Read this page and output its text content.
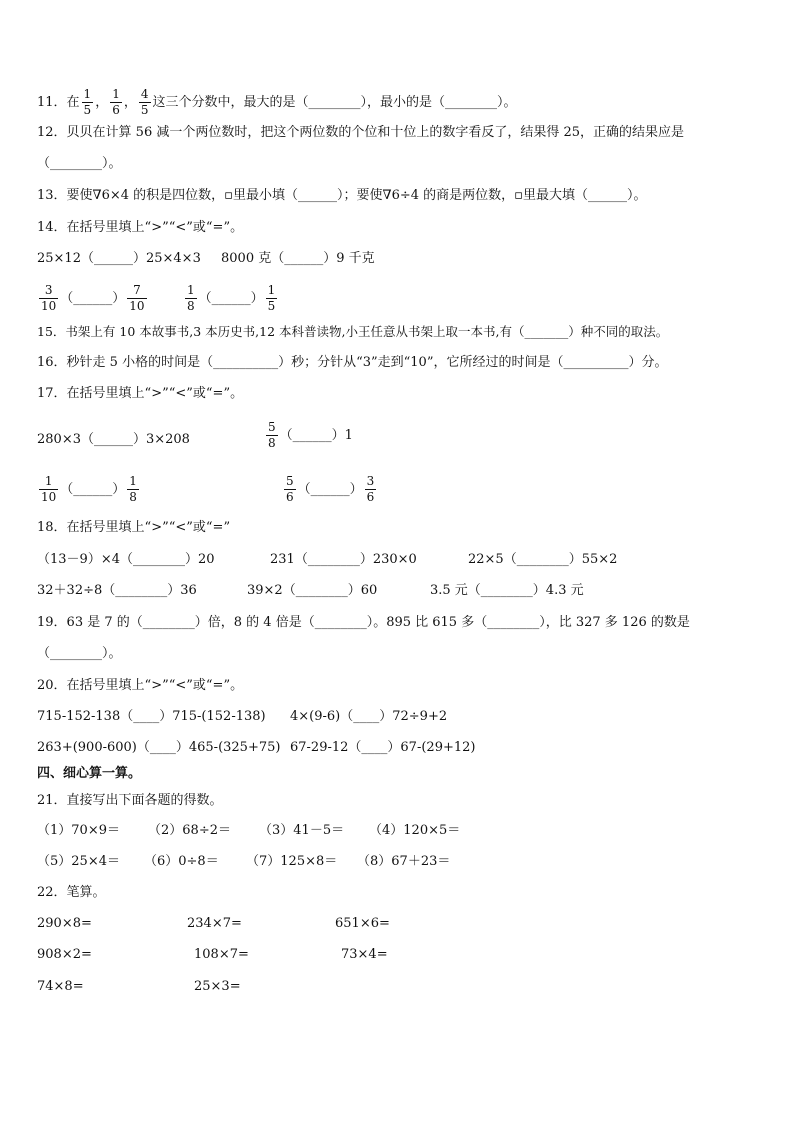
11．在 $\frac{1}{5}$ ， $\frac{1}{6}$ ， $\frac{4}{5}$ 这三个分数中，最大的是（________），最小的是（________）。
12．贝贝在计算 56 减一个两位数时，把这个两位数的个位和十位上的数字看反了，结果得 25，正确的结果应是
（________）。
13．要使∇6×4 的积是四位数，▫里最小填（______）；要使∇6÷4 的商是两位数，▫里最大填（______）。
14．在括号里填上“>”“<”或“=”。
25×12（______）25×4×3 8000 克（______）9 千克
$\frac{3}{10}$ （______） $\frac{7}{10}$	$\frac{1}{8}$ （______） $\frac{1}{5}$
15．书架上有 10 本故事书,3 本历史书,12 本科普读物,小王任意从书架上取一本书,有（_______）种不同的取法。
16．秒针走 5 小格的时间是（__________）秒；分针从“3”走到“10”，它所经过的时间是（__________）分。
17．在括号里填上“>”“<”或“=”。
280×3（______）3×208	$\frac{5}{8}$ （______）1
$\frac{1}{10}$ （______） $\frac{1}{8}$	$\frac{5}{6}$ （______） $\frac{3}{6}$
18．在括号里填上“>”“<”或“=”
（13－9）×4（________）20	231（________）230×0	22×5（________）55×2
32＋32÷8（________）36	39×2（________）60	3.5 元（________）4.3 元
19．63 是 7 的（________）倍，8 的 4 倍是（________）。895 比 615 多（________），比 327 多 126 的数是
（________）。
20．在括号里填上“>”“<”或“=”。
715-152-138（____）715-(152-138) 4×(9-6)（____）72÷9+2
263+(900-600)（____）465-(325+75) 67-29-12（____）67-(29+12)
四、细心算一算。
21．直接写出下面各题的得数。
（1）70×9＝ （2）68÷2＝ （3）41－5＝ （4）120×5＝
（5）25×4＝ （6）0÷8＝ （7）125×8＝ （8）67＋23＝
22．笔算。
290×8=	234×7=	651×6=
908×2=	108×7=	73×4=
74×8=	25×3=
